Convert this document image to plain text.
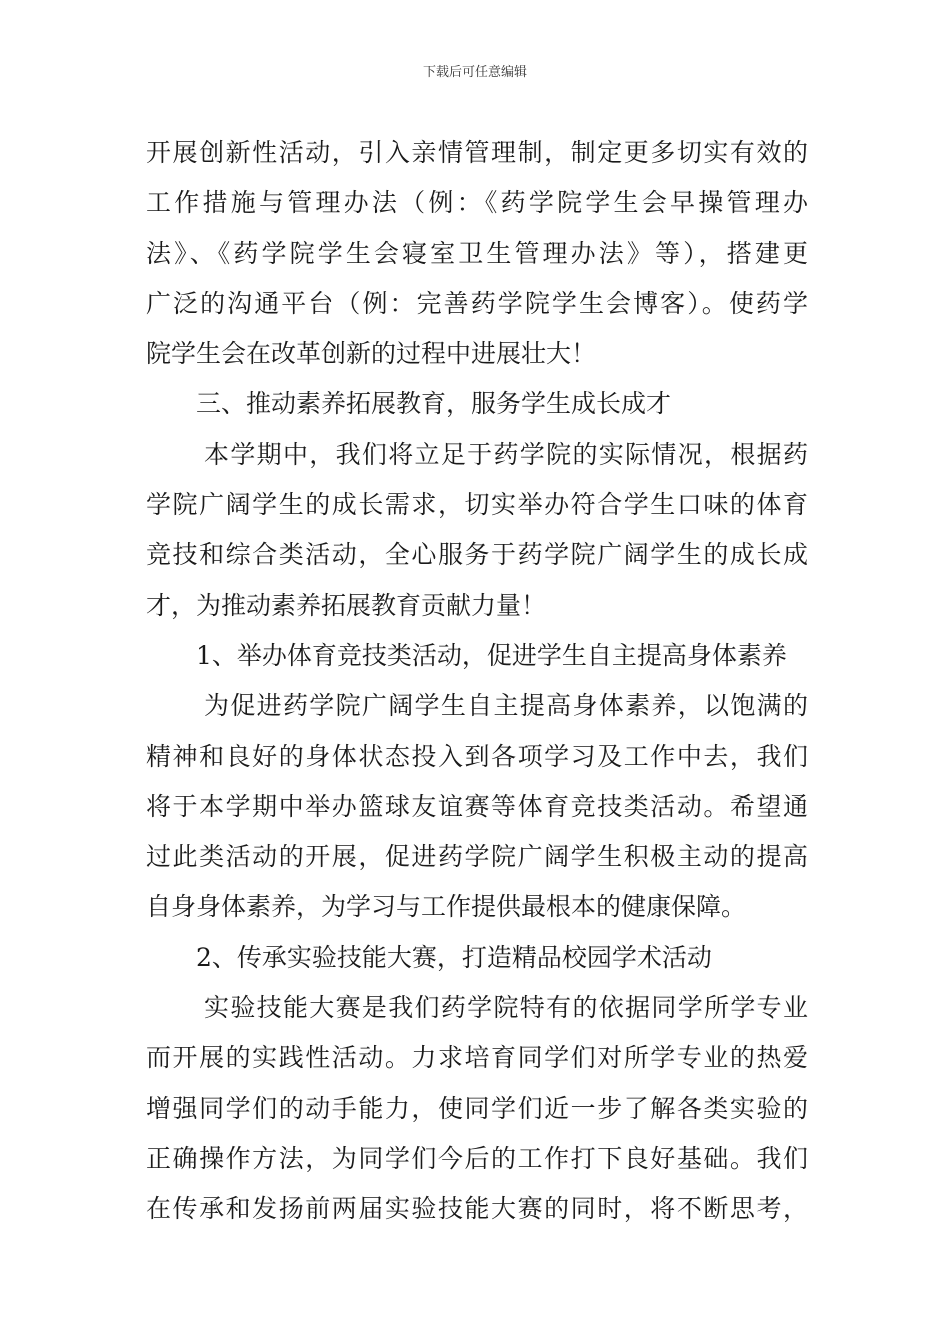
下载后可任意编辑
开展创新性活动，引入亲情管理制，制定更多切实有效的
工作措施与管理办法（例：《药学院学生会早操管理办
法》、《药学院学生会寝室卫生管理办法》等），搭建更
广泛的沟通平台（例：完善药学院学生会博客）。使药学
院学生会在改革创新的过程中进展壮大！
三、推动素养拓展教育，服务学生成长成才
本学期中，我们将立足于药学院的实际情况，根据药
学院广阔学生的成长需求，切实举办符合学生口味的体育
竞技和综合类活动，全心服务于药学院广阔学生的成长成
才，为推动素养拓展教育贡献力量！
1、举办体育竞技类活动，促进学生自主提高身体素养
为促进药学院广阔学生自主提高身体素养，以饱满的
精神和良好的身体状态投入到各项学习及工作中去，我们
将于本学期中举办篮球友谊赛等体育竞技类活动。希望通
过此类活动的开展，促进药学院广阔学生积极主动的提高
自身身体素养，为学习与工作提供最根本的健康保障。
2、传承实验技能大赛，打造精品校园学术活动
实验技能大赛是我们药学院特有的依据同学所学专业
而开展的实践性活动。力求培育同学们对所学专业的热爱
增强同学们的动手能力，使同学们近一步了解各类实验的
正确操作方法，为同学们今后的工作打下良好基础。我们
在传承和发扬前两届实验技能大赛的同时，将不断思考，
